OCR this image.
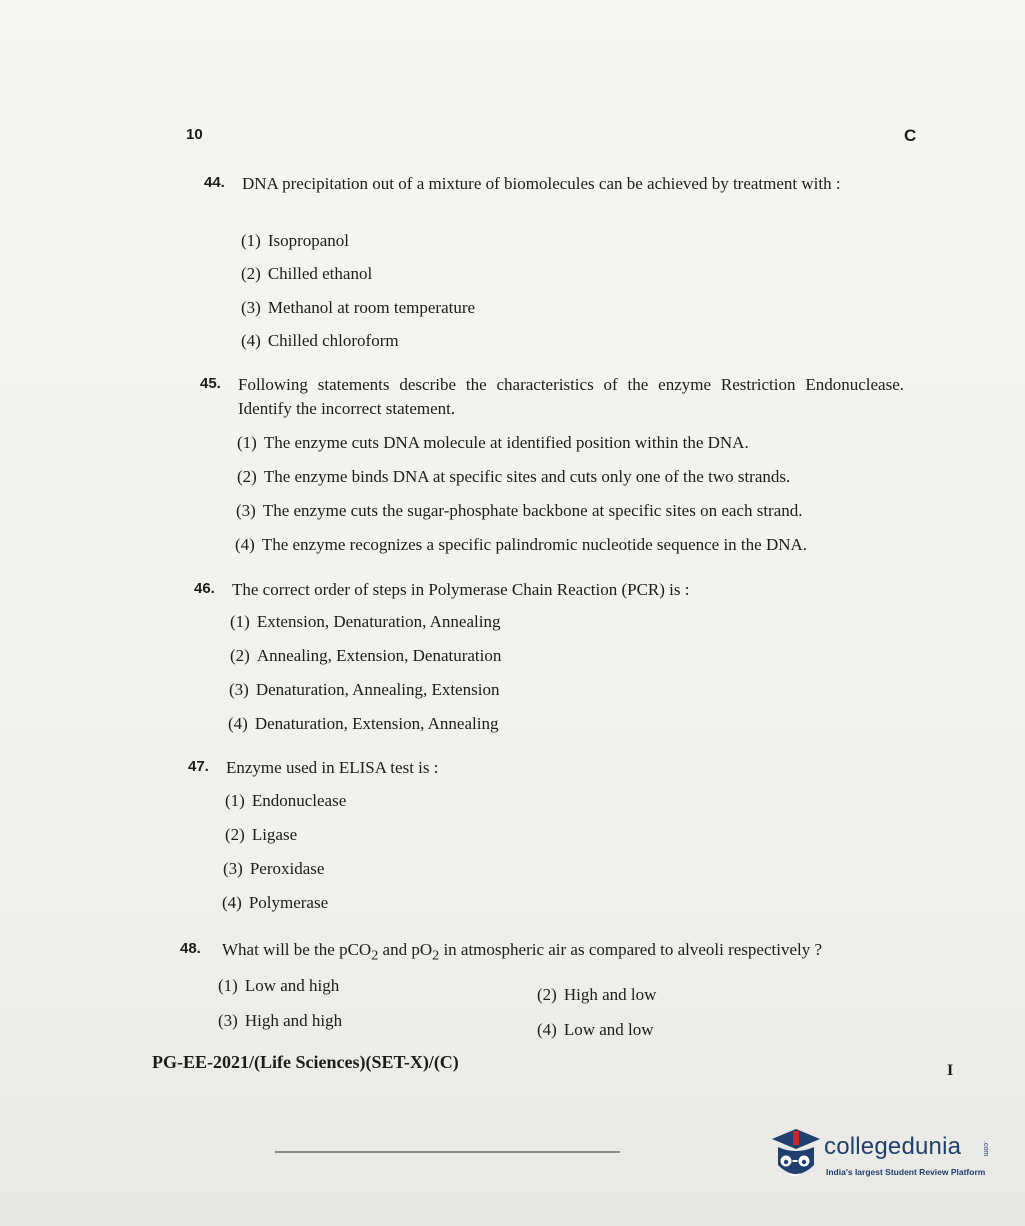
10	C
44. DNA precipitation out of a mixture of biomolecules can be achieved by treatment with :
(1) Isopropanol
(2) Chilled ethanol
(3) Methanol at room temperature
(4) Chilled chloroform
45. Following statements describe the characteristics of the enzyme Restriction Endonuclease. Identify the incorrect statement.
(1) The enzyme cuts DNA molecule at identified position within the DNA.
(2) The enzyme binds DNA at specific sites and cuts only one of the two strands.
(3) The enzyme cuts the sugar-phosphate backbone at specific sites on each strand.
(4) The enzyme recognizes a specific palindromic nucleotide sequence in the DNA.
46. The correct order of steps in Polymerase Chain Reaction (PCR) is :
(1) Extension, Denaturation, Annealing
(2) Annealing, Extension, Denaturation
(3) Denaturation, Annealing, Extension
(4) Denaturation, Extension, Annealing
47. Enzyme used in ELISA test is :
(1) Endonuclease
(2) Ligase
(3) Peroxidase
(4) Polymerase
48. What will be the pCO$_2$ and $pO_2$ in atmospheric air as compared to alveoli respectively ?
(1) Low and high	(2) High and low
(3) High and high	(4) Low and low
PG-EE-2021/(Life Sciences)(SET-X)/(C)	I
collegedunia	.com
India's largest Student Review Platform
